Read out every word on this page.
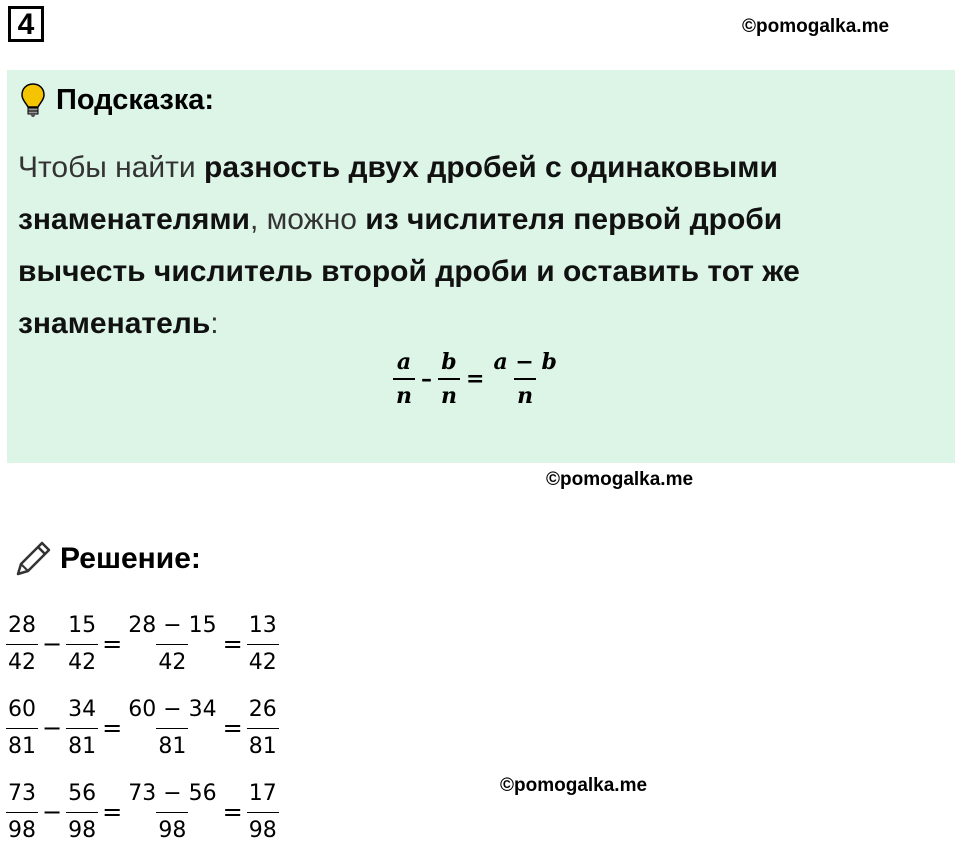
4	©pomogalka.me
Подсказка:
Чтобы найти разность двух дробей с одинаковыми знаменателями, можно из числителя первой дроби вычесть числитель второй дроби и оставить тот же знаменатель:
$\frac{a}{n} - \frac{b}{n} = \frac{a - b}{n}$
©pomogalka.me
Решение:
$\frac{28}{42} - \frac{15}{42} = \frac{28 - 15}{42} = \frac{13}{42}$
$\frac{60}{81} - \frac{34}{81} = \frac{60 - 34}{81} = \frac{26}{81}$
$\frac{73}{98} - \frac{56}{98} = \frac{73 - 56}{98} = \frac{17}{98}$	©pomogalka.me
